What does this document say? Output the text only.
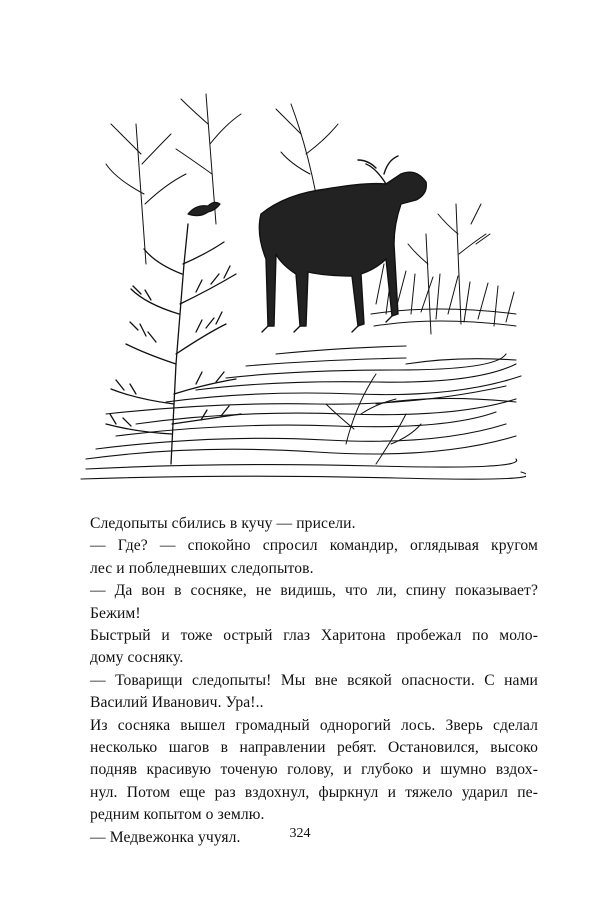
Следопыты сбились в кучу — присели.

— Где? — спокойно спросил командир, оглядывая кругом
лес и побледневших следопытов.

— Да вон в сосняке, не видишь, что ли, спину показывает?
Бежим!

Быстрый и тоже острый глаз Харитона пробежал по моло-
дому сосняку.

— Товарищи следопыты! Мы вне всякой опасности. С нами
Василий Иванович. Ура!..

Из сосняка вышел громадный однорогий лось. Зверь сделал
несколько шагов в направлении ребят. Остановился, высоко
подняв красивую точеную голову, и глубоко и шумно вздох-
нул. Потом еще раз вздохнул, фыркнул и тяжело ударил пе-
редним копытом о землю.

— Медвежонка учуял.	324
